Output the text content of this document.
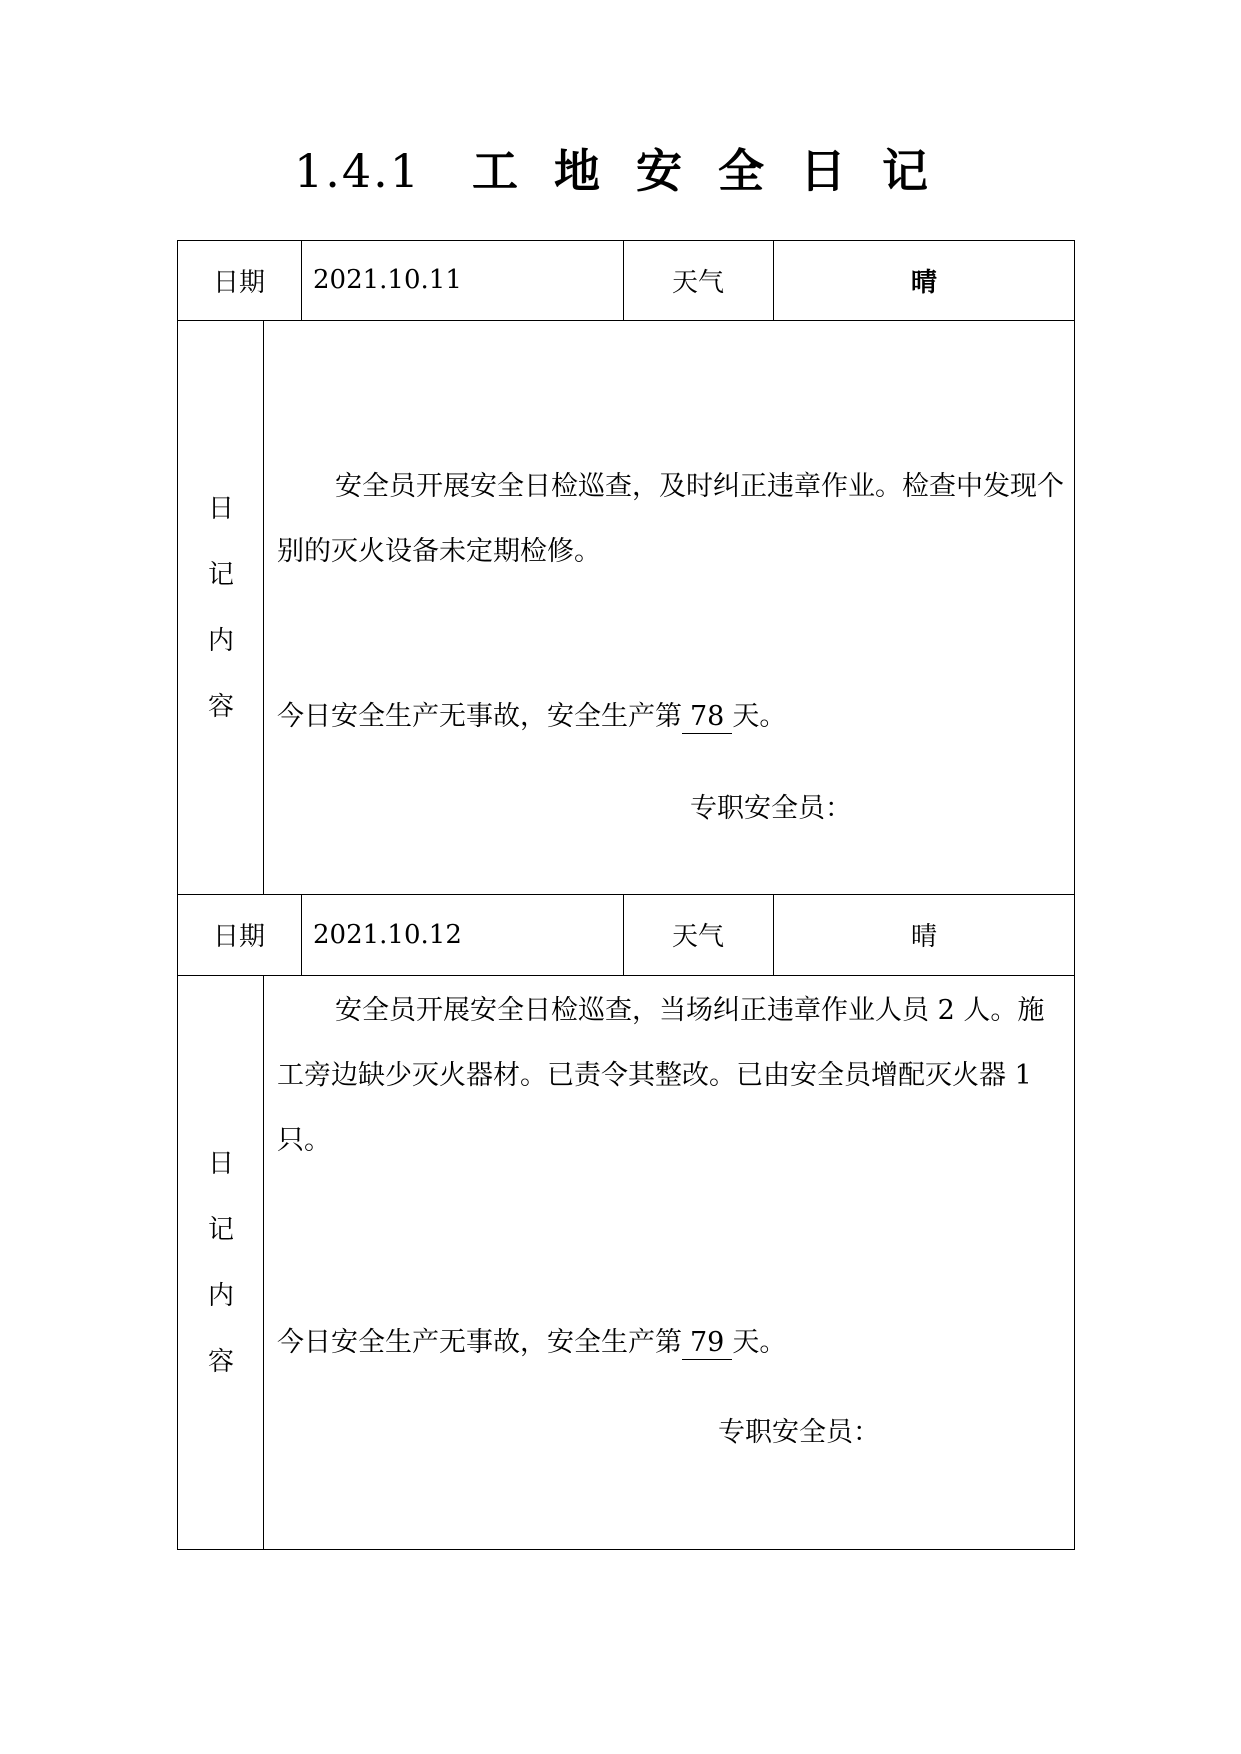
1.4.1 工 地 安 全 日 记
日期	2021.10.11	天气	晴
日
记
内
容

安全员开展安全日检巡查，及时纠正违章作业。检查中发现个别的灭火设备未定期检修。

今日安全生产无事故，安全生产第 78 天。
专职安全员：
日期	2021.10.12	天气	晴
日
记
内
容

安全员开展安全日检巡查，当场纠正违章作业人员 2 人。施工旁边缺少灭火器材。已责令其整改。已由安全员增配灭火器 1 只。

今日安全生产无事故，安全生产第 79 天。
专职安全员：
